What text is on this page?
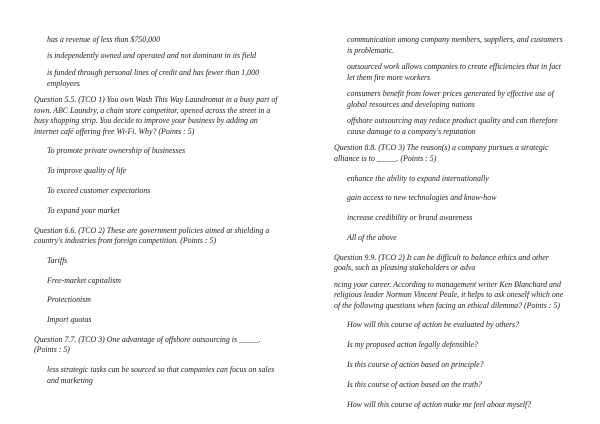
has a revenue of less than $750,000

is independently owned and operated and not dominant in its field

is funded through personal lines of credit and has fewer than 1,000 employees

Question 5.5. (TCO 1) You own Wash This Way Laundromat in a busy part of town. ABC Laundry, a chain store competitor, opened across the street in a busy shopping strip. You decide to improve your business by adding an internet café offering free Wi-Fi. Why? (Points : 5)

To promote private ownership of businesses

To improve quality of life

To exceed customer expectations

To expand your market

Question 6.6. (TCO 2) These are government policies aimed at shielding a country's industries from foreign competition. (Points : 5)

Tariffs

Free-market capitalism

Protectionism

Import quotas

Question 7.7. (TCO 3) One advantage of offshore outsourcing is _____. (Points : 5)

less strategic tasks can be sourced so that companies can focus on sales and marketing

communication among company members, suppliers, and customers is problematic.

outsourced work allows companies to create efficiencies that in fact let them fire more workers

consumers benefit from lower prices generated by effective use of global resources and developing nations

offshore outsourcing may reduce product quality and can therefore cause damage to a company's reputation

Question 8.8. (TCO 3) The reason(s) a company pursues a strategic alliance is to _____. (Points : 5)

enhance the ability to expand internationally

gain access to new technologies and know-how

increase credibility or brand awareness

All of the above

Question 9.9. (TCO 2) It can be difficult to balance ethics and other goals, such as pleasing stakeholders or adva

ncing your career. According to management writer Ken Blanchard and religious leader Norman Vincent Peale, it helps to ask oneself which one of the following questions when facing an ethical dilemma? (Points : 5)

How will this course of action be evaluated by others?

Is my proposed action legally defensible?

Is this course of action based on principle?

Is this course of action based on the truth?

How will this course of action make me feel about myself?
